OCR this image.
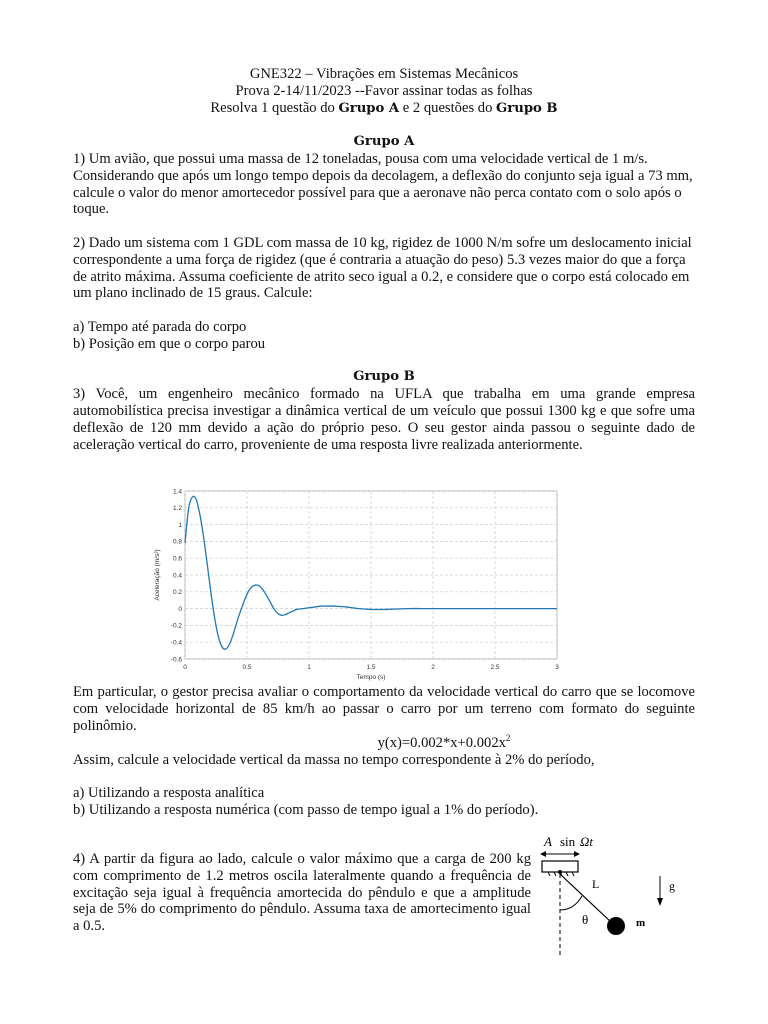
GNE322 – Vibrações em Sistemas Mecânicos

Prova 2-14/11/2023 --Favor assinar todas as folhas

Resolva 1 questão do Grupo A e 2 questões do Grupo B

Grupo A

1) Um avião, que possui uma massa de 12 toneladas, pousa com uma velocidade vertical de 1 m/s. Considerando que após um longo tempo depois da decolagem, a deflexão do conjunto seja igual a 73 mm, calcule o valor do menor amortecedor possível para que a aeronave não perca contato com o solo após o toque.

2) Dado um sistema com 1 GDL com massa de 10 kg, rigidez de 1000 N/m sofre um deslocamento inicial correspondente a uma força de rigidez (que é contraria a atuação do peso) 5.3 vezes maior do que a força de atrito máxima. Assuma coeficiente de atrito seco igual a 0.2, e considere que o corpo está colocado em um plano inclinado de 15 graus. Calcule:

a) Tempo até parada do corpo

b) Posição em que o corpo parou

Grupo B

3) Você, um engenheiro mecânico formado na UFLA que trabalha em uma grande empresa automobilística precisa investigar a dinâmica vertical de um veículo que possui 1300 kg e que sofre uma deflexão de 120 mm devido a ação do próprio peso. O seu gestor ainda passou o seguinte dado de aceleração vertical do carro, proveniente de uma resposta livre realizada anteriormente.

Em particular, o gestor precisa avaliar o comportamento da velocidade vertical do carro que se locomove com velocidade horizontal de 85 km/h ao passar o carro por um terreno com formato do seguinte polinômio.

$y(x)=0.002*x+0.002x^2$

Assim, calcule a velocidade vertical da massa no tempo correspondente à 2% do período,

a) Utilizando a resposta analítica

b) Utilizando a resposta numérica (com passo de tempo igual a 1% do período).

0	0.5	1	1.5	2	2.5	3
-0.6
-0.4
-0.2
0
0.2
0.4
0.6
0.8
1
1.2
1.4
Tempo (s)
Aceleração (m/s²)
4) A partir da figura ao lado, calcule o valor máximo que a carga de 200 kg com comprimento de 1.2 metros oscila lateralmente quando a frequência de excitação seja igual à frequência amortecida do pêndulo e que a amplitude seja de 5% do comprimento do pêndulo. Assuma taxa de amortecimento igual a 0.5.
A sin Ωt
θ
L
m
g
